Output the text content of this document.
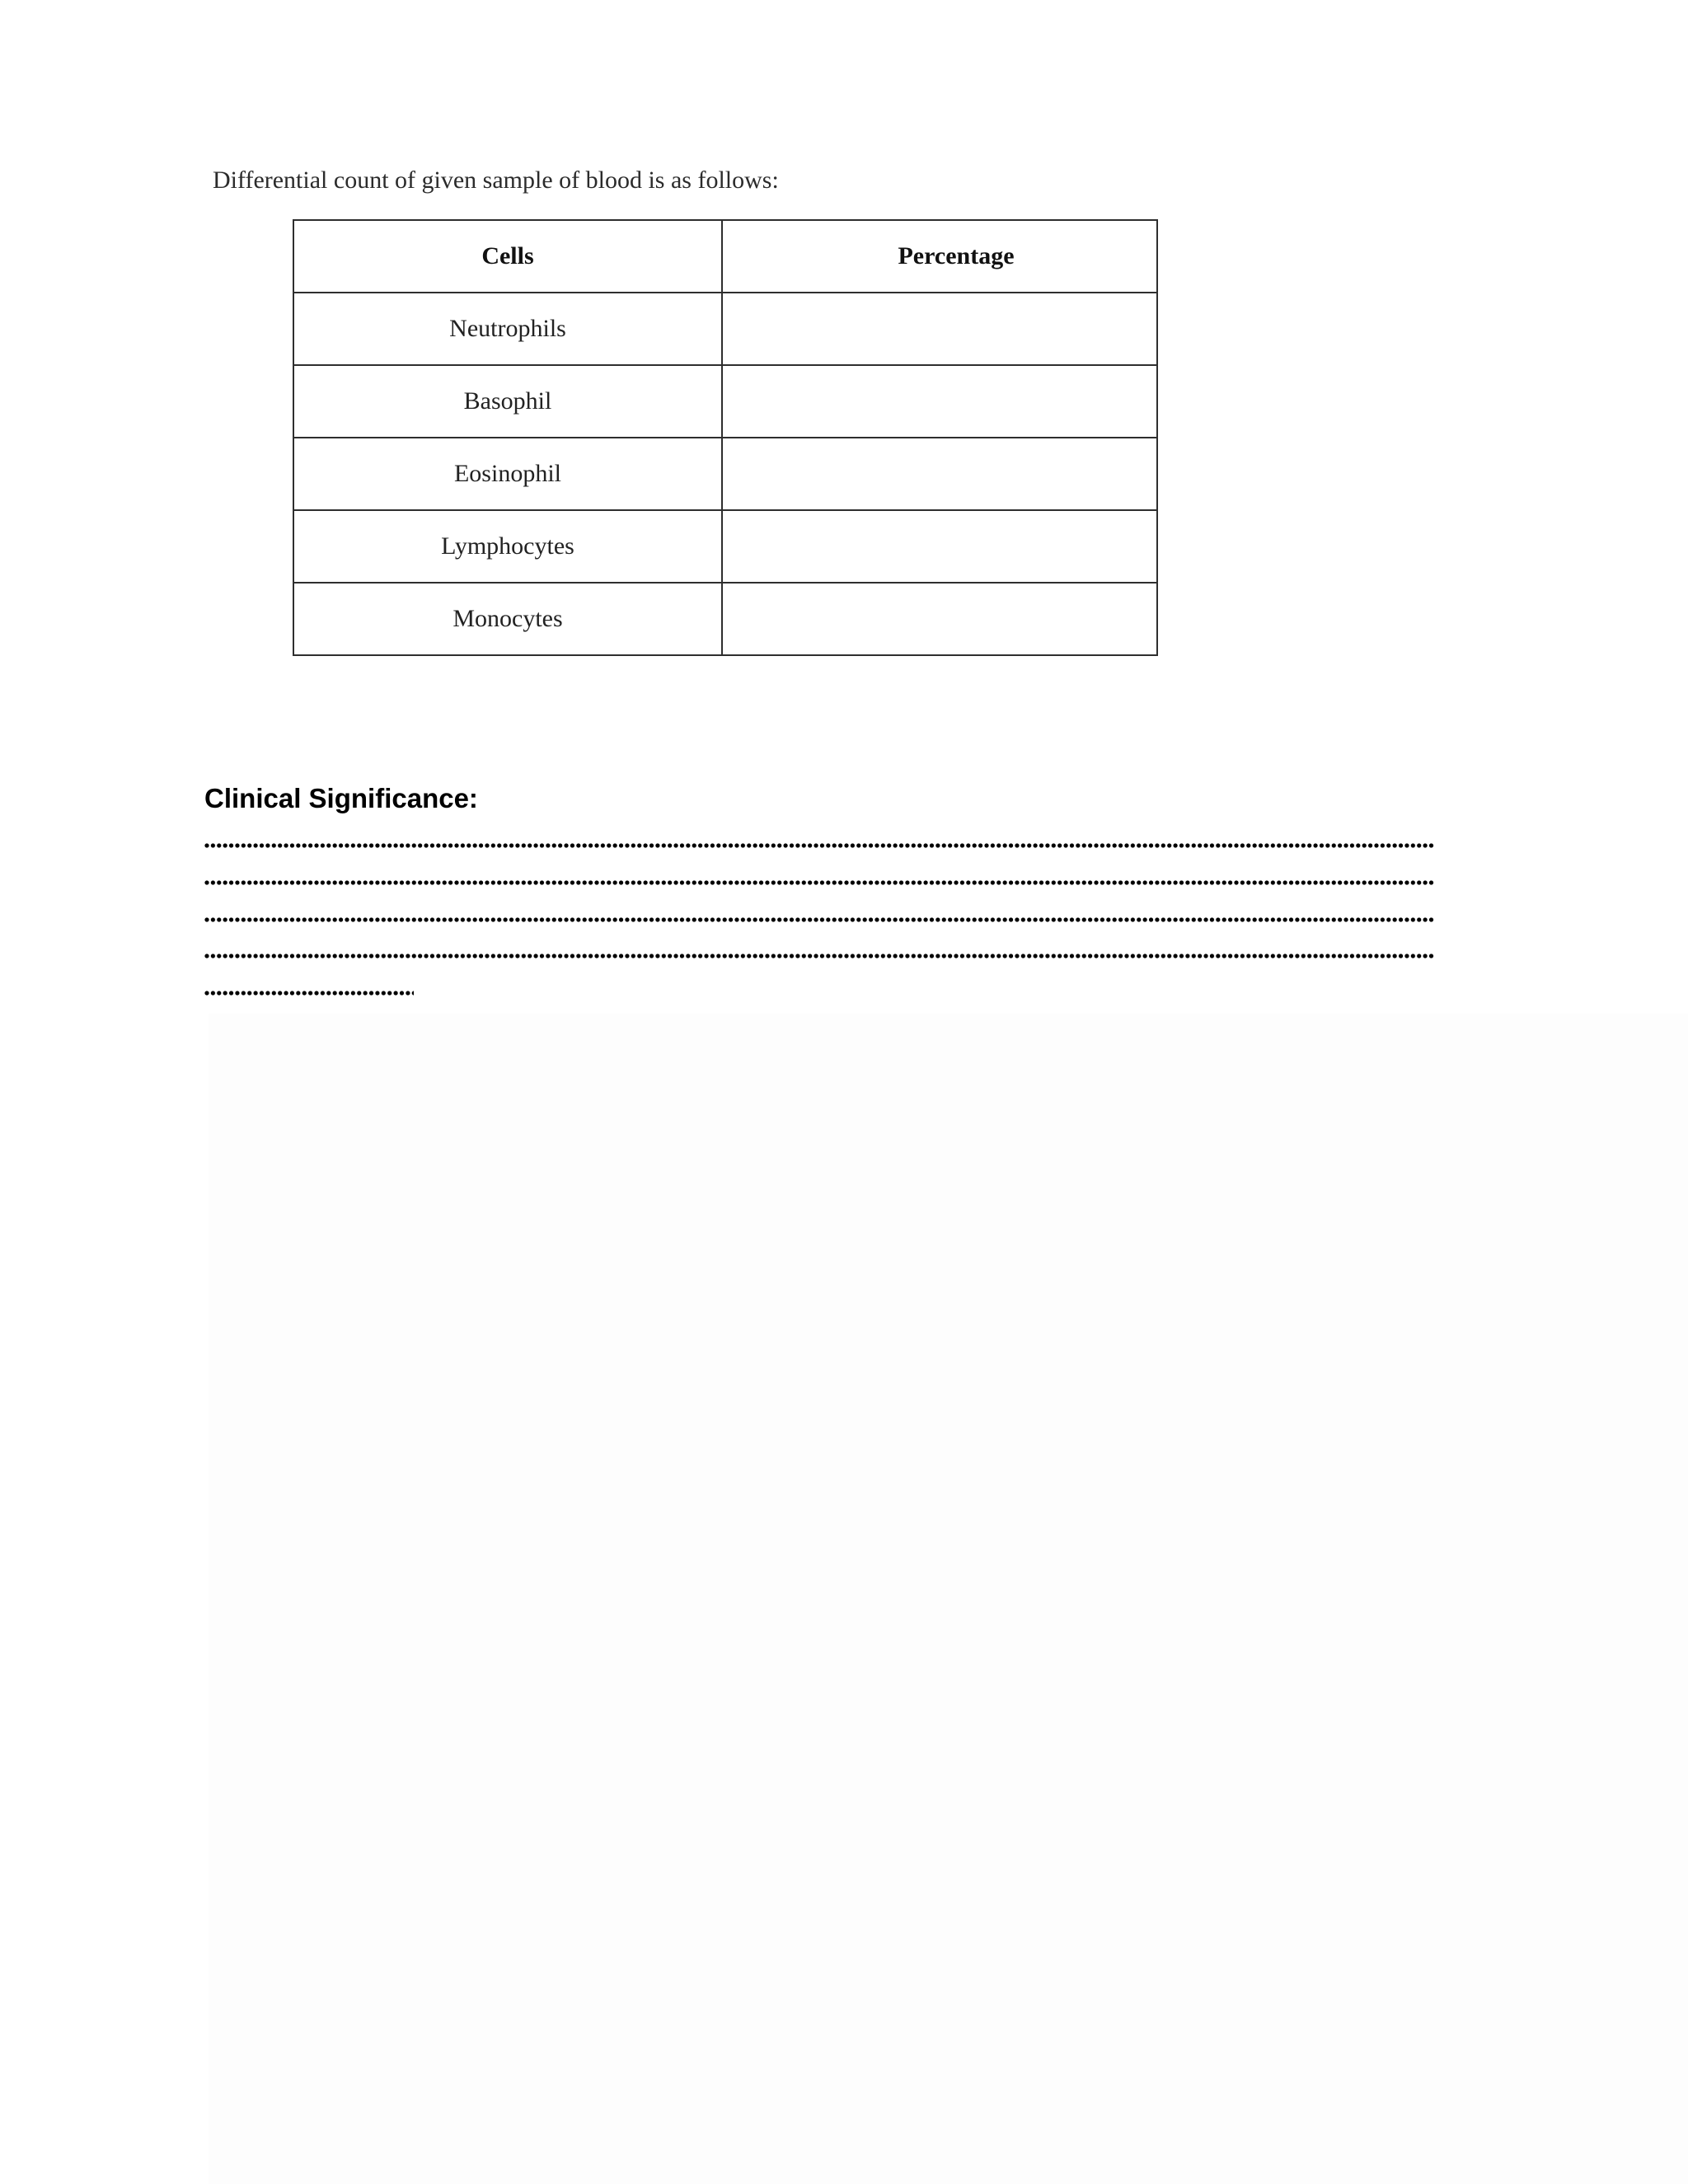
Differential count of given sample of blood is as follows:
Cells	Percentage
Neutrophils	
Basophil	
Eosinophil	
Lymphocytes	
Monocytes	
Clinical Significance:
